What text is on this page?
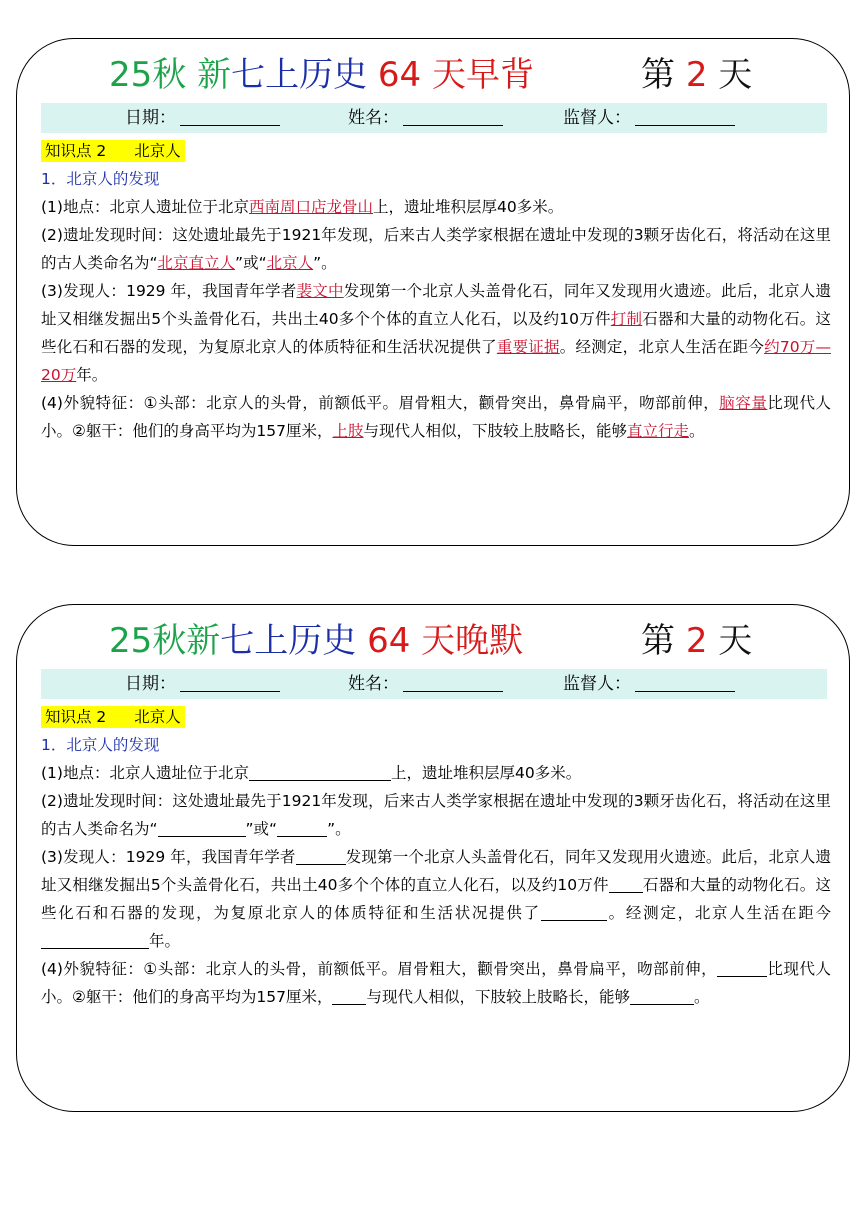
25秋 新七上历史 64 天早背	第 2 天
日期：	姓名：	监督人：
知识点 2 北京人
1．北京人的发现
(1)地点：北京人遗址位于北京西南周口店龙骨山上，遗址堆积层厚40多米。
(2)遗址发现时间：这处遗址最先于1921年发现，后来古人类学家根据在遗址中发现的3颗牙齿化石，将活动在这里的古人类命名为“北京直立人”或“北京人”。
(3)发现人：1929 年，我国青年学者裴文中发现第一个北京人头盖骨化石，同年又发现用火遗迹。此后，北京人遗址又相继发掘出5个头盖骨化石，共出土40多个个体的直立人化石，以及约10万件打制石器和大量的动物化石。这些化石和石器的发现，为复原北京人的体质特征和生活状况提供了重要证据。经测定，北京人生活在距今约70万—20万年。
(4)外貌特征：①头部：北京人的头骨，前额低平。眉骨粗大，颧骨突出，鼻骨扁平，吻部前伸，脑容量比现代人小。②躯干：他们的身高平均为157厘米，上肢与现代人相似，下肢较上肢略长，能够直立行走。
25秋新七上历史 64 天晚默	第 2 天
日期：	姓名：	监督人：
知识点 2 北京人
1．北京人的发现
(1)地点：北京人遗址位于北京	上，遗址堆积层厚40多米。
(2)遗址发现时间：这处遗址最先于1921年发现，后来古人类学家根据在遗址中发现的3颗牙齿化石，将活动在这里的古人类命名为“	”或“	”。
(3)发现人：1929 年，我国青年学者	发现第一个北京人头盖骨化石，同年又发现用火遗迹。此后，北京人遗址又相继发掘出5个头盖骨化石，共出土40多个个体的直立人化石，以及约10万件 石器和大量的动物化石。这些化石和石器的发现，为复原北京人的体质特征和生活状况提供了	。经测定，北京人生活在距今年。
(4)外貌特征：①头部：北京人的头骨，前额低平。眉骨粗大，颧骨突出，鼻骨扁平，吻部前伸，	比现代人小。②躯干：他们的身高平均为157厘米， 与现代人相似，下肢较上肢略长，能够	。
